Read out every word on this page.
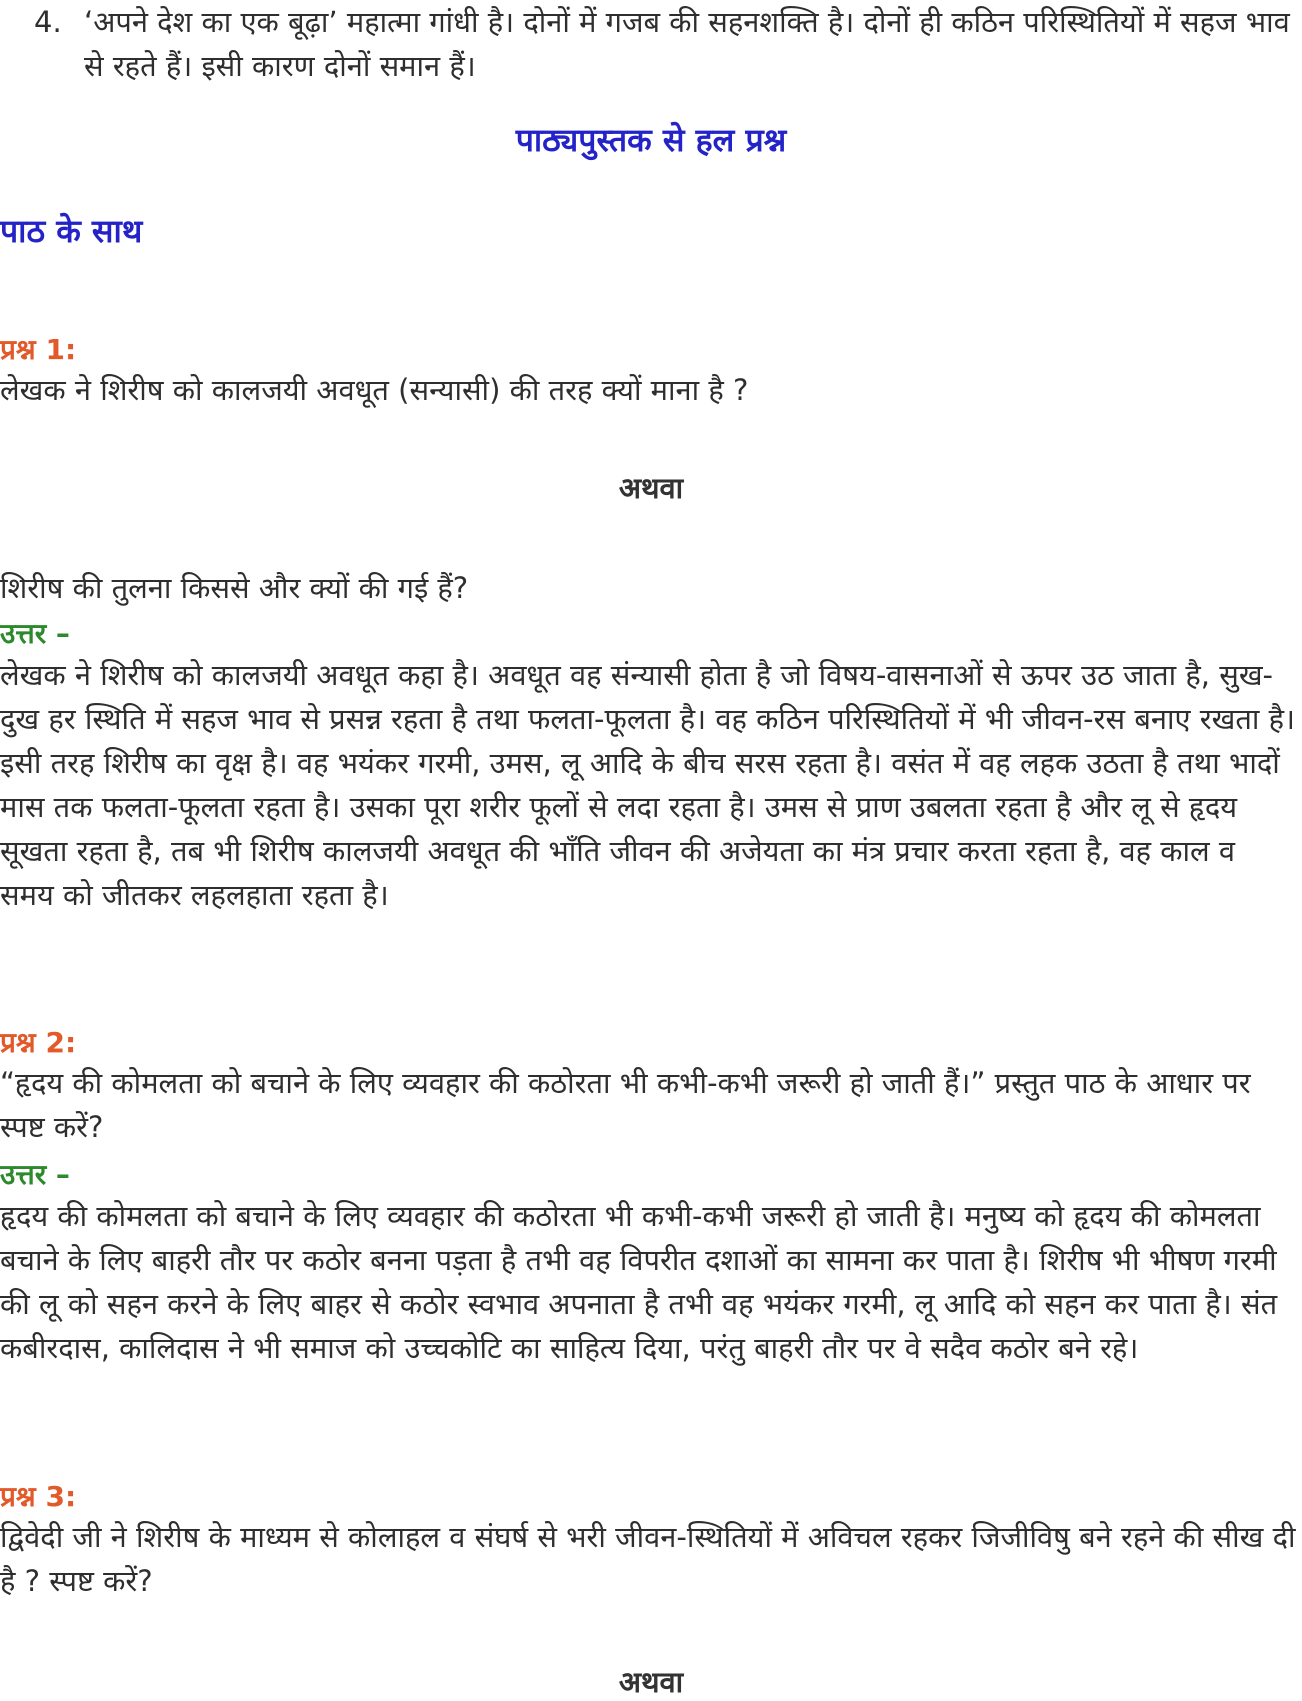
4. ‘अपने देश का एक बूढ़ा’ महात्मा गांधी है। दोनों में गजब की सहनशक्ति है। दोनों ही कठिन परिस्थितियों में सहज भाव से रहते हैं। इसी कारण दोनों समान हैं।
पाठ्यपुस्तक से हल प्रश्न
पाठ के साथ
प्रश्न 1:

लेखक ने शिरीष को कालजयी अवधूत (सन्यासी) की तरह क्यों माना है ?

अथवा

शिरीष की तुलना किससे और क्यों की गई हैं?

उत्तर –

लेखक ने शिरीष को कालजयी अवधूत कहा है। अवधूत वह संन्यासी होता है जो विषय-वासनाओं से ऊपर उठ जाता है, सुख-दुख हर स्थिति में सहज भाव से प्रसन्न रहता है तथा फलता-फूलता है। वह कठिन परिस्थितियों में भी जीवन-रस बनाए रखता है। इसी तरह शिरीष का वृक्ष है। वह भयंकर गरमी, उमस, लू आदि के बीच सरस रहता है। वसंत में वह लहक उठता है तथा भादों मास तक फलता-फूलता रहता है। उसका पूरा शरीर फूलों से लदा रहता है। उमस से प्राण उबलता रहता है और लू से हृदय सूखता रहता है, तब भी शिरीष कालजयी अवधूत की भाँति जीवन की अजेयता का मंत्र प्रचार करता रहता है, वह काल व समय को जीतकर लहलहाता रहता है।

प्रश्न 2:

“हृदय की कोमलता को बचाने के लिए व्यवहार की कठोरता भी कभी-कभी जरूरी हो जाती हैं।” प्रस्तुत पाठ के आधार पर स्पष्ट करें?

उत्तर –

हृदय की कोमलता को बचाने के लिए व्यवहार की कठोरता भी कभी-कभी जरूरी हो जाती है। मनुष्य को हृदय की कोमलता बचाने के लिए बाहरी तौर पर कठोर बनना पड़ता है तभी वह विपरीत दशाओं का सामना कर पाता है। शिरीष भी भीषण गरमी की लू को सहन करने के लिए बाहर से कठोर स्वभाव अपनाता है तभी वह भयंकर गरमी, लू आदि को सहन कर पाता है। संत कबीरदास, कालिदास ने भी समाज को उच्चकोटि का साहित्य दिया, परंतु बाहरी तौर पर वे सदैव कठोर बने रहे।

प्रश्न 3:

द्विवेदी जी ने शिरीष के माध्यम से कोलाहल व संघर्ष से भरी जीवन-स्थितियों में अविचल रहकर जिजीविषु बने रहने की सीख दी है ? स्पष्ट करें?

अथवा
